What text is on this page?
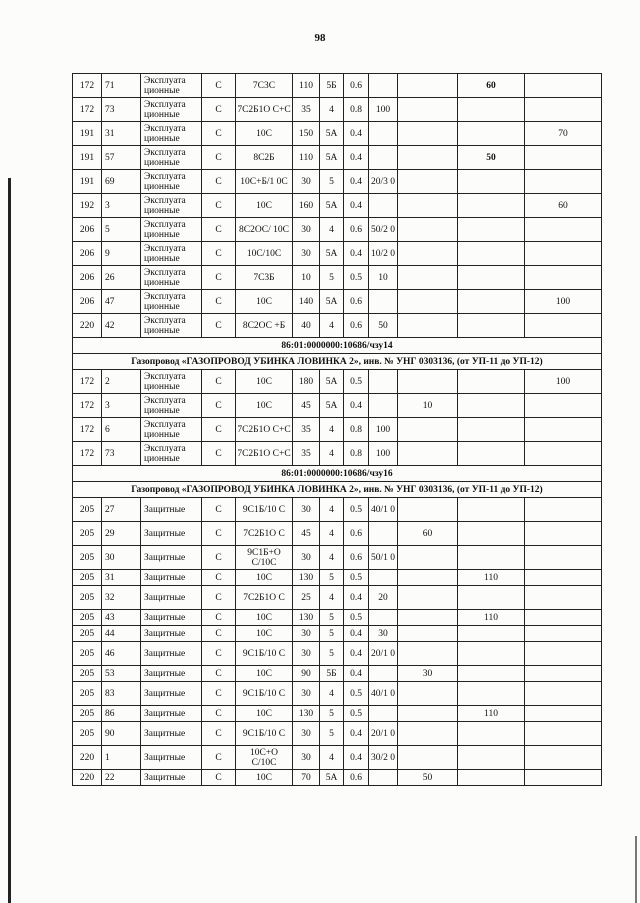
98
172	71	Эксплуата ционные	С	7С3С	110	5Б	0.6			60	
172	73	Эксплуата ционные	С	7С2Б1О С+С	35	4	0.8	100			
191	31	Эксплуата ционные	С	10С	150	5А	0.4				70
191	57	Эксплуата ционные	С	8С2Б	110	5А	0.4			50	
191	69	Эксплуата ционные	С	10С+Б/1 0С	30	5	0.4	20/3 0			
192	3	Эксплуата ционные	С	10С	160	5А	0.4				60
206	5	Эксплуата ционные	С	8С2ОС/ 10С	30	4	0.6	50/2 0			
206	9	Эксплуата ционные	С	10С/10С	30	5А	0.4	10/2 0			
206	26	Эксплуата ционные	С	7С3Б	10	5	0.5	10			
206	47	Эксплуата ционные	С	10С	140	5А	0.6				100
220	42	Эксплуата ционные	С	8С2ОС +Б	40	4	0.6	50			
86:01:0000000:10686/чзу14											
Газопровод «ГАЗОПРОВОД УБИНКА ЛОВИНКА 2», инв. № УНГ 0303136, (от УП-11 до УП-12)											
172	2	Эксплуата ционные	С	10С	180	5А	0.5				100
172	3	Эксплуата ционные	С	10С	45	5А	0.4		10		
172	6	Эксплуата ционные	С	7С2Б1О С+С	35	4	0.8	100			
172	73	Эксплуата ционные	С	7С2Б1О С+С	35	4	0.8	100			
86:01:0000000:10686/чзу16											
Газопровод «ГАЗОПРОВОД УБИНКА ЛОВИНКА 2», инв. № УНГ 0303136, (от УП-11 до УП-12)											
205	27	Защитные	С	9С1Б/10 С	30	4	0.5	40/1 0			
205	29	Защитные	С	7С2Б1О С	45	4	0.6		60		
205	30	Защитные	С	9С1Б+О С/10С	30	4	0.6	50/1 0			
205	31	Защитные	С	10С	130	5	0.5			110	
205	32	Защитные	С	7С2Б1О С	25	4	0.4	20			
205	43	Защитные	С	10С	130	5	0.5			110	
205	44	Защитные	С	10С	30	5	0.4	30			
205	46	Защитные	С	9С1Б/10 С	30	5	0.4	20/1 0			
205	53	Защитные	С	10С	90	5Б	0.4		30		
205	83	Защитные	С	9С1Б/10 С	30	4	0.5	40/1 0			
205	86	Защитные	С	10С	130	5	0.5			110	
205	90	Защитные	С	9С1Б/10 С	30	5	0.4	20/1 0			
220	1	Защитные	С	10С+О С/10С	30	4	0.4	30/2 0			
220	22	Защитные	С	10С	70	5А	0.6		50		
